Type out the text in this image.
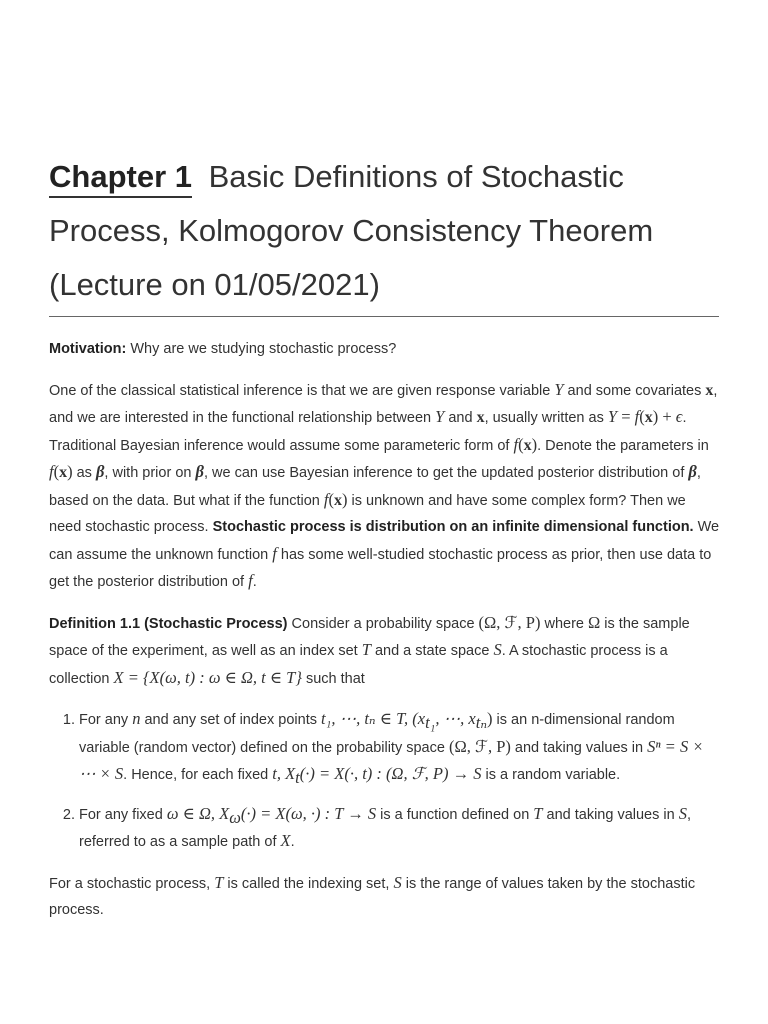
Chapter 1 Basic Definitions of Stochastic Process, Kolmogorov Consistency Theorem (Lecture on 01/05/2021)

Motivation: Why are we studying stochastic process?

One of the classical statistical inference is that we are given response variable Y and some covariates x, and we are interested in the functional relationship between Y and x, usually written as Y = f(x) + ϵ. Traditional Bayesian inference would assume some parameteric form of f(x). Denote the parameters in f(x) as β, with prior on β, we can use Bayesian inference to get the updated posterior distribution of β, based on the data. But what if the function f(x) is unknown and have some complex form? Then we need stochastic process. Stochastic process is distribution on an infinite dimensional function. We can assume the unknown function f has some well-studied stochastic process as prior, then use data to get the posterior distribution of f.

Definition 1.1 (Stochastic Process) Consider a probability space (Ω, ℱ, P) where Ω is the sample space of the experiment, as well as an index set T and a state space S. A stochastic process is a collection X = {X(ω, t) : ω ∈ Ω, t ∈ T} such that

1. For any n and any set of index points t₁, ⋯, tₙ ∈ T, ($x_{t_1}$, ⋯, $x_{t_n}$) is an n-dimensional random variable (random vector) defined on the probability space (Ω, ℱ, P) and taking values in Sⁿ = S × ⋯ × S. Hence, for each fixed t, $X_t(\cdot) = X(\cdot$, t) : (Ω, ℱ, P) → S is a random variable.
2. For any fixed ω ∈ Ω, $X_\omega(\cdot) = X(\omega$, ·) : T → S is a function defined on T and taking values in S, referred to as a sample path of X.

For a stochastic process, T is called the indexing set, S is the range of values taken by the stochastic process.
